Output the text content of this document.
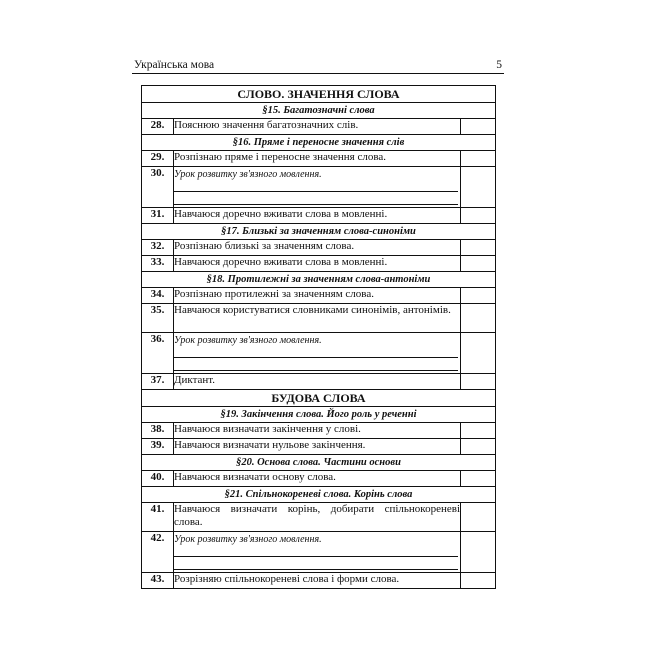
Українська мова	5
СЛОВО. ЗНАЧЕННЯ СЛОВА		
§15. Багатозначні слова		
28.	Пояснюю значення багатозначних слів.	
§16. Пряме і переносне значення слів		
29.	Розпізнаю пряме і переносне значення слова.	
30.	Урок розвитку зв'язного мовлення.	

31.	Навчаюся доречно вживати слова в мовленні.	
§17. Близькі за значенням слова-синоніми		
32.	Розпізнаю близькі за значенням слова.	
33.	Навчаюся доречно вживати слова в мовленні.	
§18. Протилежні за значенням слова-антоніми		
34.	Розпізнаю протилежні за значенням слова.	
35.	Навчаюся користуватися словниками синонімів, антонімів.	
36.	Урок розвитку зв'язного мовлення.	

37.	Диктант.	
БУДОВА СЛОВА		
§19. Закінчення слова. Його роль у реченні		
38.	Навчаюся визначати закінчення у слові.	
39.	Навчаюся визначати нульове закінчення.	
§20. Основа слова. Частини основи		
40.	Навчаюся визначати основу слова.	
§21. Спільнокореневі слова. Корінь слова		
41.	Навчаюся визначати корінь, добирати спільнокореневі слова.	
42.	Урок розвитку зв'язного мовлення.	

43.	Розрізняю спільнокореневі слова і форми слова.	
